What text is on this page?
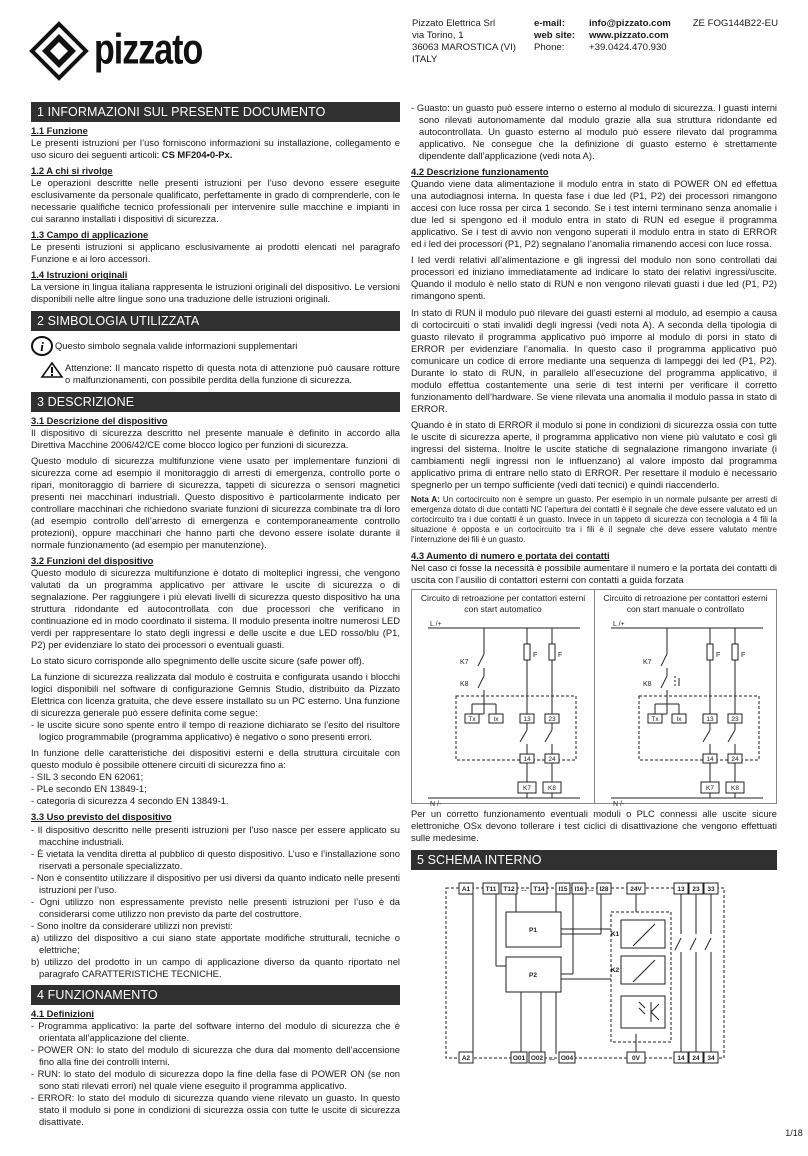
pizzato
Pizzato Elettrica Srl
via Torino, 1
36063 MAROSTICA (VI)
ITALY
e-mail:	info@pizzato.com
web site: www.pizzato.com
Phone:	+39.0424.470.930
ZE FOG144B22-EU
1 INFORMAZIONI SUL PRESENTE DOCUMENTO
1.1 Funzione

Le presenti istruzioni per l’uso forniscono informazioni su installazione, collegamento e uso sicuro dei seguenti articoli: CS MF204•0-Px.

1.2 A chi si rivolge

Le operazioni descritte nelle presenti istruzioni per l’uso devono essere eseguite esclusivamente da personale qualificato, perfettamente in grado di comprenderle, con le necessarie qualifiche tecnico professionali per intervenire sulle macchine e impianti in cui saranno installati i dispositivi di sicurezza.

1.3 Campo di applicazione

Le presenti istruzioni si applicano esclusivamente ai prodotti elencati nel paragrafo Funzione e ai loro accessori.

1.4 Istruzioni originali

La versione in lingua italiana rappresenta le istruzioni originali del dispositivo. Le versioni disponibili nelle altre lingue sono una traduzione delle istruzioni originali.

2 SIMBOLOGIA UTILIZZATA
i Questo simbolo segnala valide informazioni supplementari

Attenzione: Il mancato rispetto di questa nota di attenzione può causare rotture o malfunzionamenti, con possibile perdita della funzione di sicurezza.

3 DESCRIZIONE
3.1 Descrizione del dispositivo

Il dispositivo di sicurezza descritto nel presente manuale è definito in accordo alla Direttiva Macchine 2006/42/CE come blocco logico per funzioni di sicurezza.

Questo modulo di sicurezza multifunzione viene usato per implementare funzioni di sicurezza come ad esempio il monitoraggio di arresti di emergenza, controllo porte o ripari, monitoraggio di barriere di sicurezza, tappeti di sicurezza o sensori magnetici presenti nei macchinari industriali. Questo dispositivo è particolarmente indicato per controllare macchinari che richiedono svariate funzioni di sicurezza combinate tra di loro (ad esempio controllo dell’arresto di emergenza e contemporaneamente controllo protezioni), oppure macchinari che hanno parti che devono essere isolate durante il normale funzionamento (ad esempio per manutenzione).

3.2 Funzioni del dispositivo

Questo modulo di sicurezza multifunzione è dotato di molteplici ingressi, che vengono valutati da un programma applicativo per attivare le uscite di sicurezza o di segnalazione. Per raggiungere i più elevati livelli di sicurezza questo dispositivo ha una struttura ridondante ed autocontrollata con due processori che verificano in continuazione ed in modo coordinato il sistema. Il modulo presenta inoltre numerosi LED verdi per rappresentare lo stato degli ingressi e delle uscite e due LED rosso/blu (P1, P2) per evidenziare lo stato dei processori o eventuali guasti.

Lo stato sicuro corrisponde allo spegnimento delle uscite sicure (safe power off).

La funzione di sicurezza realizzata dal modulo è costruita e configurata usando i blocchi logici disponibili nel software di configurazione Gemnis Studio, distribuito da Pizzato Elettrica con licenza gratuita, che deve essere installato su un PC esterno. Una funzione di sicurezza generale può essere definita come segue:

- le uscite sicure sono spente entro il tempo di reazione dichiarato se l’esito del risultore logico programmabile (programma applicativo) è negativo o sono presenti errori.

In funzione delle caratteristiche dei dispositivi esterni e della struttura circuitale con questo modulo è possibile ottenere circuiti di sicurezza fino a:

- SIL 3 secondo EN 62061;
- PLe secondo EN 13849-1;
- categoria di sicurezza 4 secondo EN 13849-1.
3.3 Uso previsto del dispositivo
- Il dispositivo descritto nelle presenti istruzioni per l’uso nasce per essere applicato su macchine industriali.
- È vietata la vendita diretta al pubblico di questo dispositivo. L’uso e l’installazione sono riservati a personale specializzato.
- Non è consentito utilizzare il dispositivo per usi diversi da quanto indicato nelle presenti istruzioni per l’uso.
- Ogni utilizzo non espressamente previsto nelle presenti istruzioni per l’uso è da considerarsi come utilizzo non previsto da parte del costruttore.
- Sono inoltre da considerare utilizzi non previsti:
a) utilizzo del dispositivo a cui siano state apportate modifiche strutturali, tecniche o elettriche;
b) utilizzo del prodotto in un campo di applicazione diverso da quanto riportato nel paragrafo CARATTERISTICHE TECNICHE.
4 FUNZIONAMENTO
4.1 Definizioni
- Programma applicativo: la parte del software interno del modulo di sicurezza che è orientata all’applicazione del cliente.
- POWER ON: lo stato del modulo di sicurezza che dura dal momento dell’accensione fino alla fine dei controlli interni.
- RUN: lo stato del modulo di sicurezza dopo la fine della fase di POWER ON (se non sono stati rilevati errori) nel quale viene eseguito il programma applicativo.
- ERROR: lo stato del modulo di sicurezza quando viene rilevato un guasto. In questo stato il modulo si pone in condizioni di sicurezza ossia con tutte le uscite di sicurezza disattivate.
- Guasto: un guasto può essere interno o esterno al modulo di sicurezza. I guasti interni sono rilevati autonomamente dal modulo grazie alla sua struttura ridondante ed autocontrollata. Un guasto esterno al modulo può essere rilevato dal programma applicativo. Ne consegue che la definizione di guasto esterno è strettamente dipendente dall’applicazione (vedi nota A).
4.2 Descrizione funzionamento

Quando viene data alimentazione il modulo entra in stato di POWER ON ed effettua una autodiagnosi interna. In questa fase i due led (P1, P2) dei processori rimangono accesi con luce rossa per circa 1 secondo. Se i test interni terminano senza anomalie i due led si spengono ed il modulo entra in stato di RUN ed esegue il programma applicativo. Se i test di avvio non vengono superati il modulo entra in stato di ERROR ed i led dei processori (P1, P2) segnalano l’anomalia rimanendo accesi con luce rossa.

I led verdi relativi all’alimentazione e gli ingressi del modulo non sono controllati dai processori ed iniziano immediatamente ad indicare lo stato dei relativi ingressi/uscite. Quando il modulo è nello stato di RUN e non vengono rilevati guasti i due led (P1, P2) rimangono spenti.

In stato di RUN il modulo può rilevare dei guasti esterni al modulo, ad esempio a causa di cortocircuiti o stati invalidi degli ingressi (vedi nota A). A seconda della tipologia di guasto rilevato il programma applicativo può imporre al modulo di porsi in stato di ERROR per evidenziare l’anomalia. In questo caso il programma applicativo può comunicare un codice di errore mediante una sequenza di lampeggi dei led (P1, P2). Durante lo stato di RUN, in parallelo all’esecuzione del programma applicativo, il modulo effettua costantemente una serie di test interni per verificare il corretto funzionamento dell’hardware. Se viene rilevata una anomalia il modulo passa in stato di ERROR.

Quando è in stato di ERROR il modulo si pone in condizioni di sicurezza ossia con tutte le uscite di sicurezza aperte, il programma applicativo non viene più valutato e così gli ingressi del sistema. Inoltre le uscite statiche di segnalazione rimangono invariate (i cambiamenti negli ingressi non le influenzano) al valore imposto dal programma applicativo prima di entrare nello stato di ERROR. Per resettare il modulo è necessario spegnerlo per un tempo sufficiente (vedi dati tecnici) e quindi riaccenderlo.

Nota A: Un cortocircuito non è sempre un guasto. Per esempio in un normale pulsante per arresti di emergenza dotato di due contatti NC l’apertura dei contatti è il segnale che deve essere valutato ed un cortocircuito tra i due contatti è un guasto. Invece in un tappeto di sicurezza con tecnologia a 4 fili la situazione è opposta e un cortocircuito tra i fili è il segnale che deve essere valutato mentre l’interruzione dei fili è un guasto.

4.3 Aumento di numero e portata dei contatti

Nel caso ci fosse la necessità è possibile aumentare il numero e la portata dei contatti di uscita con l’ausilio di contattori esterni con contatti a guida forzata

Circuito di retroazione per contattori esterni
con start automatico
L /+
K7
K8
F	F
N /-
Tx	Ix	13	23
14	24
K7	K8
Circuito di retroazione per contattori esterni
con start manuale o controllato
L /+
K7
K8
F	F
N /-
Tx	Ix	13	23
14	24
K7	K8

Per un corretto funzionamento eventuali moduli o PLC connessi alle uscite sicure elettroniche OSx devono tollerare i test ciclici di disattivazione che vengono effettuati sulle medesime.

5 SCHEMA INTERNO
A1 T11 T12 ... T14 I15 I16 ... I28	24V	13 23 33
P1
P2
K1
K2
A2	O01 O02 ... O04	0V	14 24 34
1/18
